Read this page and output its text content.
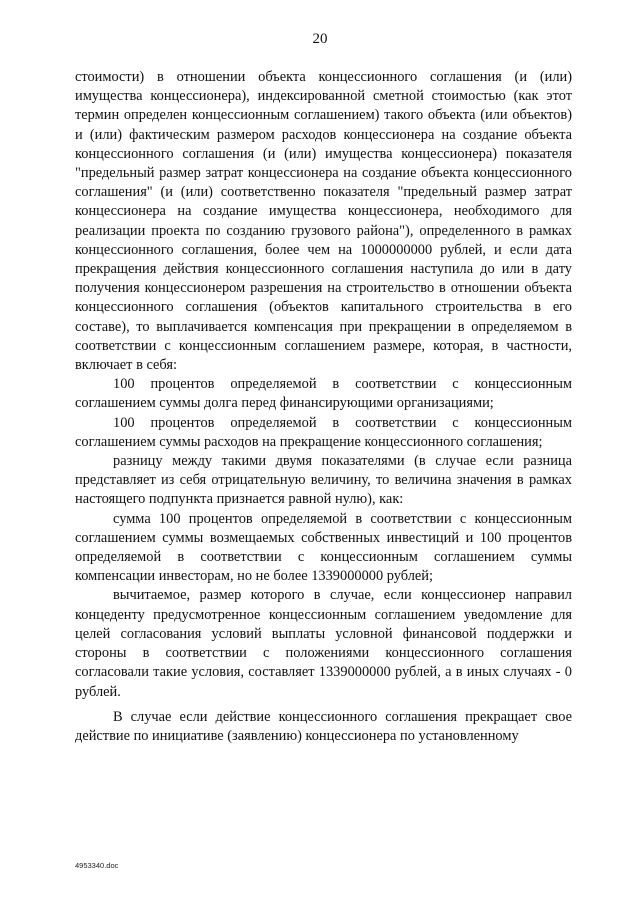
20

стоимости) в отношении объекта концессионного соглашения (и (или) имущества концессионера), индексированной сметной стоимостью (как этот термин определен концессионным соглашением) такого объекта (или объектов) и (или) фактическим размером расходов концессионера на создание объекта концессионного соглашения (и (или) имущества концессионера) показателя "предельный размер затрат концессионера на создание объекта концессионного соглашения" (и (или) соответственно показателя "предельный размер затрат концессионера на создание имущества концессионера, необходимого для реализации проекта по созданию грузового района"), определенного в рамках концессионного соглашения, более чем на 1000000000 рублей, и если дата прекращения действия концессионного соглашения наступила до или в дату получения концессионером разрешения на строительство в отношении объекта концессионного соглашения (объектов капитального строительства в его составе), то выплачивается компенсация при прекращении в определяемом в соответствии с концессионным соглашением размере, которая, в частности, включает в себя:

100 процентов определяемой в соответствии с концессионным соглашением суммы долга перед финансирующими организациями;

100 процентов определяемой в соответствии с концессионным соглашением суммы расходов на прекращение концессионного соглашения;

разницу между такими двумя показателями (в случае если разница представляет из себя отрицательную величину, то величина значения в рамках настоящего подпункта признается равной нулю), как:

сумма 100 процентов определяемой в соответствии с концессионным соглашением суммы возмещаемых собственных инвестиций и 100 процентов определяемой в соответствии с концессионным соглашением суммы компенсации инвесторам, но не более 1339000000 рублей;

вычитаемое, размер которого в случае, если концессионер направил концеденту предусмотренное концессионным соглашением уведомление для целей согласования условий выплаты условной финансовой поддержки и стороны в соответствии с положениями концессионного соглашения согласовали такие условия, составляет 1339000000 рублей, а в иных случаях - 0 рублей.

В случае если действие концессионного соглашения прекращает свое действие по инициативе (заявлению) концессионера по установленному

4953340.doc
